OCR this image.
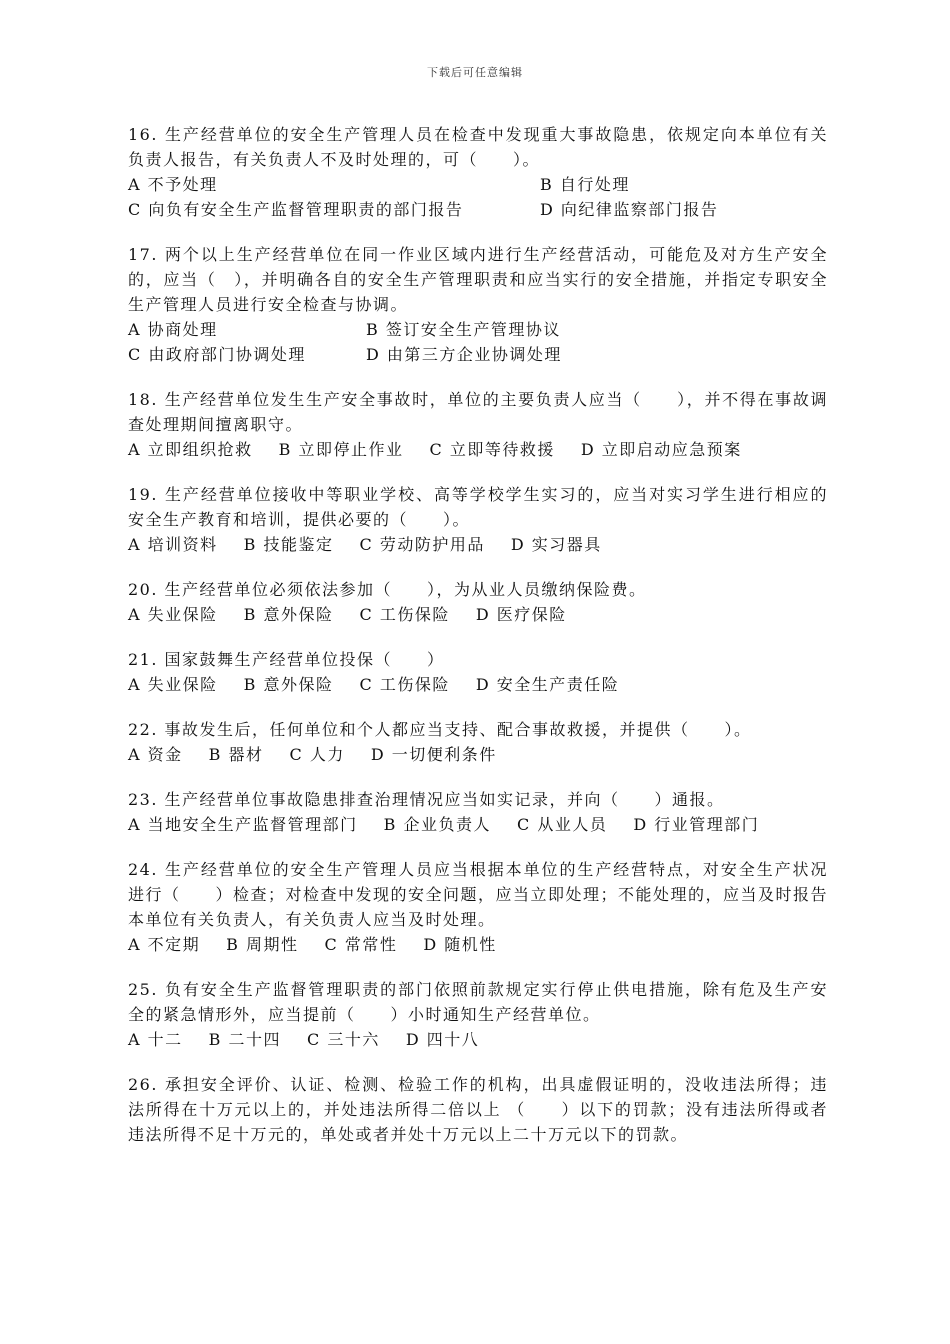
下载后可任意编辑

16. 生产经营单位的安全生产管理人员在检查中发现重大事故隐患，依规定向本单位有关负责人报告，有关负责人不及时处理的，可（　　）。

A 不予处理	B 自行处理
C 向负有安全生产监督管理职责的部门报告	D 向纪律监察部门报告

17. 两个以上生产经营单位在同一作业区域内进行生产经营活动，可能危及对方生产安全的，应当（　），并明确各自的安全生产管理职责和应当实行的安全措施，并指定专职安全生产管理人员进行安全检查与协调。

A 协商处理	B 签订安全生产管理协议
C 由政府部门协调处理	D 由第三方企业协调处理

18. 生产经营单位发生生产安全事故时，单位的主要负责人应当（　　），并不得在事故调查处理期间擅离职守。

A 立即组织抢救 B 立即停止作业 C 立即等待救援 D 立即启动应急预案

19. 生产经营单位接收中等职业学校、高等学校学生实习的，应当对实习学生进行相应的安全生产教育和培训，提供必要的（　　）。

A 培训资料 B 技能鉴定 C 劳动防护用品 D 实习器具

20. 生产经营单位必须依法参加（　　），为从业人员缴纳保险费。

A 失业保险 B 意外保险 C 工伤保险 D 医疗保险

21. 国家鼓舞生产经营单位投保（　　）

A 失业保险 B 意外保险 C 工伤保险 D 安全生产责任险

22. 事故发生后，任何单位和个人都应当支持、配合事故救援，并提供（　　）。

A 资金 B 器材 C 人力 D 一切便利条件

23. 生产经营单位事故隐患排查治理情况应当如实记录，并向（　　）通报。

A 当地安全生产监督管理部门 B 企业负责人 C 从业人员 D 行业管理部门

24. 生产经营单位的安全生产管理人员应当根据本单位的生产经营特点，对安全生产状况进行（　　）检查；对检查中发现的安全问题，应当立即处理；不能处理的，应当及时报告本单位有关负责人，有关负责人应当及时处理。

A 不定期 B 周期性 C 常常性 D 随机性

25. 负有安全生产监督管理职责的部门依照前款规定实行停止供电措施，除有危及生产安全的紧急情形外，应当提前（　　）小时通知生产经营单位。

A 十二 B 二十四 C 三十六 D 四十八

26. 承担安全评价、认证、检测、检验工作的机构，出具虚假证明的，没收违法所得；违法所得在十万元以上的，并处违法所得二倍以上 （　　）以下的罚款；没有违法所得或者违法所得不足十万元的，单处或者并处十万元以上二十万元以下的罚款。
